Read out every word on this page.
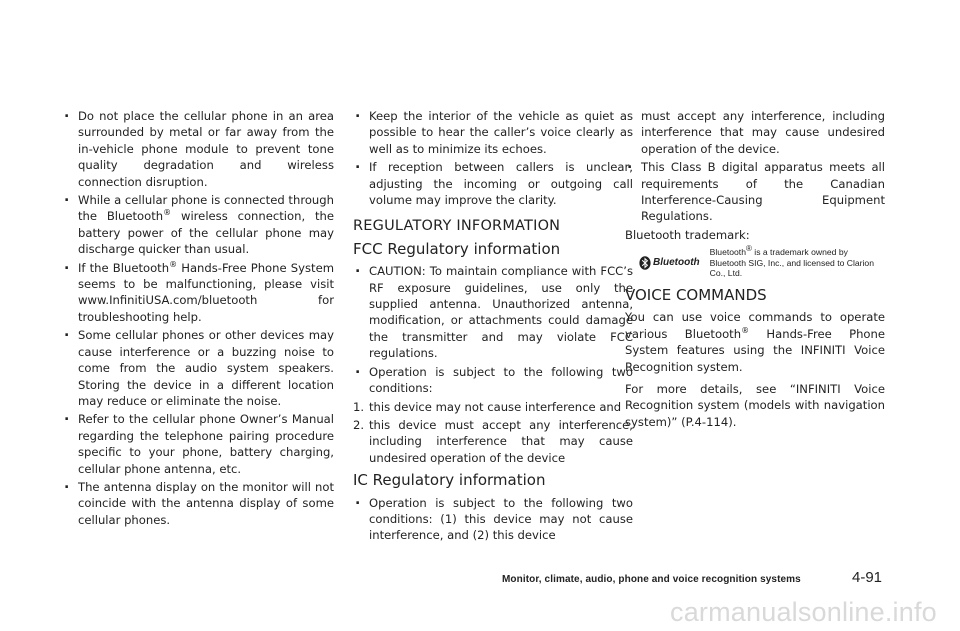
. Do not place the cellular phone in an area surrounded by metal or far away from the in-vehicle phone module to prevent tone quality degradation and wireless connection disruption.
. While a cellular phone is connected through the Bluetooth® wireless connection, the battery power of the cellular phone may discharge quicker than usual.
. If the Bluetooth® Hands-Free Phone System seems to be malfunctioning, please visit www.InfinitiUSA.com/bluetooth for troubleshooting help.
. Some cellular phones or other devices may cause interference or a buzzing noise to come from the audio system speakers. Storing the device in a different location may reduce or eliminate the noise.
. Refer to the cellular phone Owner’s Manual regarding the telephone pairing procedure specific to your phone, battery charging, cellular phone antenna, etc.
. The antenna display on the monitor will not coincide with the antenna display of some cellular phones.
. Keep the interior of the vehicle as quiet as possible to hear the caller’s voice clearly as well as to minimize its echoes.
. If reception between callers is unclear, adjusting the incoming or outgoing call volume may improve the clarity.
REGULATORY INFORMATION
FCC Regulatory information
. CAUTION: To maintain compliance with FCC’s RF exposure guidelines, use only the supplied antenna. Unauthorized antenna, modification, or attachments could damage the transmitter and may violate FCC regulations.
. Operation is subject to the following two conditions:
1. this device may not cause interference and
2. this device must accept any interference, including interference that may cause undesired operation of the device
IC Regulatory information
. Operation is subject to the following two conditions: (1) this device may not cause interference, and (2) this device
must accept any interference, including interference that may cause undesired operation of the device.
. This Class B digital apparatus meets all requirements of the Canadian Interference-Causing Equipment Regulations.
Bluetooth trademark:
Bluetooth
Bluetooth® is a trademark owned by Bluetooth SIG, Inc., and licensed to Clarion Co., Ltd.
VOICE COMMANDS
You can use voice commands to operate various Bluetooth® Hands-Free Phone System features using the INFINITI Voice Recognition system.
For more details, see “INFINITI Voice Recognition system (models with navigation system)” (P.4-114).
Monitor, climate, audio, phone and voice recognition systems	4-91
carmanualsonline.info
